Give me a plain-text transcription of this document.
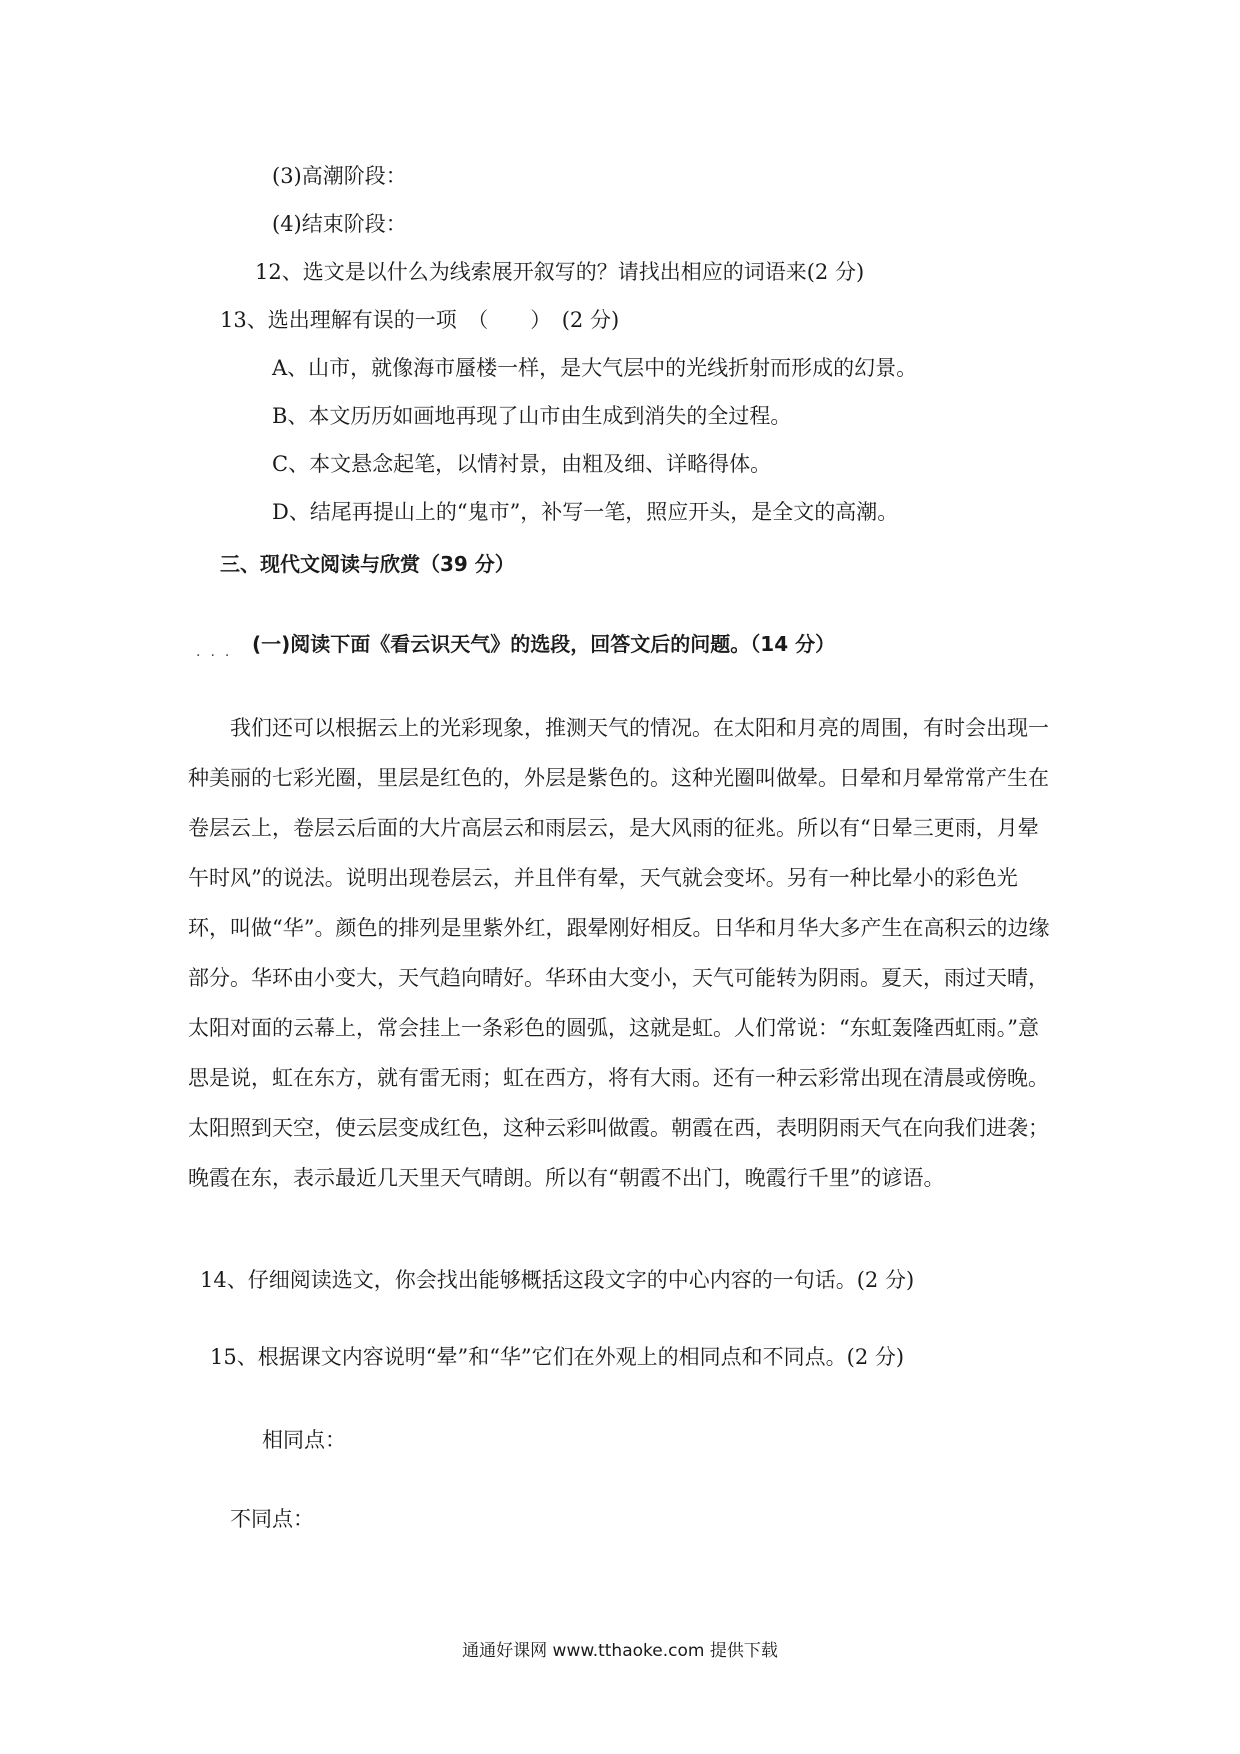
(3)高潮阶段：
(4)结束阶段：
12、选文是以什么为线索展开叙写的？请找出相应的词语来(2 分)
13、选出理解有误的一项　（　　）　(2 分)
A、山市，就像海市蜃楼一样，是大气层中的光线折射而形成的幻景。
B、本文历历如画地再现了山市由生成到消失的全过程。
C、本文悬念起笔，以情衬景，由粗及细、详略得体。
D、结尾再提山上的“鬼市”，补写一笔，照应开头，是全文的高潮。
三、现代文阅读与欣赏（39 分）
... (一)阅读下面《看云识天气》的选段，回答文后的问题。（14 分）

我们还可以根据云上的光彩现象，推测天气的情况。在太阳和月亮的周围，有时会出现一种美丽的七彩光圈，里层是红色的，外层是紫色的。这种光圈叫做晕。日晕和月晕常常产生在卷层云上，卷层云后面的大片高层云和雨层云，是大风雨的征兆。所以有“日晕三更雨，月晕午时风”的说法。说明出现卷层云，并且伴有晕，天气就会变坏。另有一种比晕小的彩色光环，叫做“华”。颜色的排列是里紫外红，跟晕刚好相反。日华和月华大多产生在高积云的边缘部分。华环由小变大，天气趋向晴好。华环由大变小，天气可能转为阴雨。夏天，雨过天晴，太阳对面的云幕上，常会挂上一条彩色的圆弧，这就是虹。人们常说：“东虹轰隆西虹雨。”意思是说，虹在东方，就有雷无雨；虹在西方，将有大雨。还有一种云彩常出现在清晨或傍晚。太阳照到天空，使云层变成红色，这种云彩叫做霞。朝霞在西，表明阴雨天气在向我们进袭；晚霞在东，表示最近几天里天气晴朗。所以有“朝霞不出门，晚霞行千里”的谚语。

14、仔细阅读选文，你会找出能够概括这段文字的中心内容的一句话。(2 分)
15、根据课文内容说明“晕”和“华”它们在外观上的相同点和不同点。(2 分)
相同点：
不同点：
通通好课网 www.tthaoke.com 提供下载
